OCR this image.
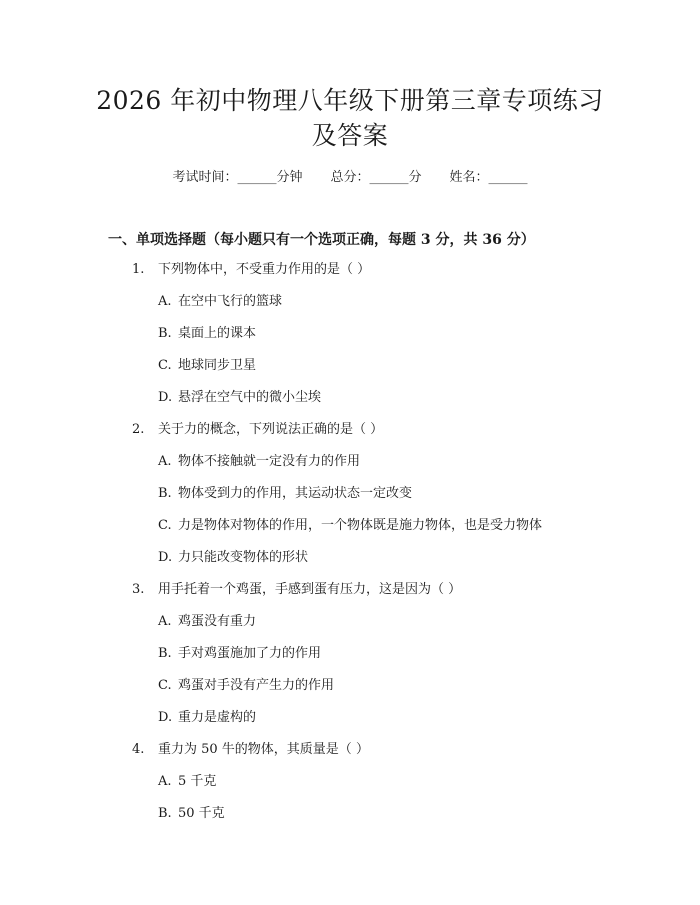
2026 年初中物理八年级下册第三章专项练习
及答案
考试时间：______分钟 总分：______分 姓名：______
一、单项选择题（每小题只有一个选项正确，每题 3 分，共 36 分）
1. 下列物体中，不受重力作用的是（ ）
A. 在空中飞行的篮球
B. 桌面上的课本
C. 地球同步卫星
D. 悬浮在空气中的微小尘埃
2. 关于力的概念，下列说法正确的是（ ）
A. 物体不接触就一定没有力的作用
B. 物体受到力的作用，其运动状态一定改变
C. 力是物体对物体的作用，一个物体既是施力物体，也是受力物体
D. 力只能改变物体的形状
3. 用手托着一个鸡蛋，手感到蛋有压力，这是因为（ ）
A. 鸡蛋没有重力
B. 手对鸡蛋施加了力的作用
C. 鸡蛋对手没有产生力的作用
D. 重力是虚构的
4. 重力为 50 牛的物体，其质量是（ ）
A. 5 千克
B. 50 千克
